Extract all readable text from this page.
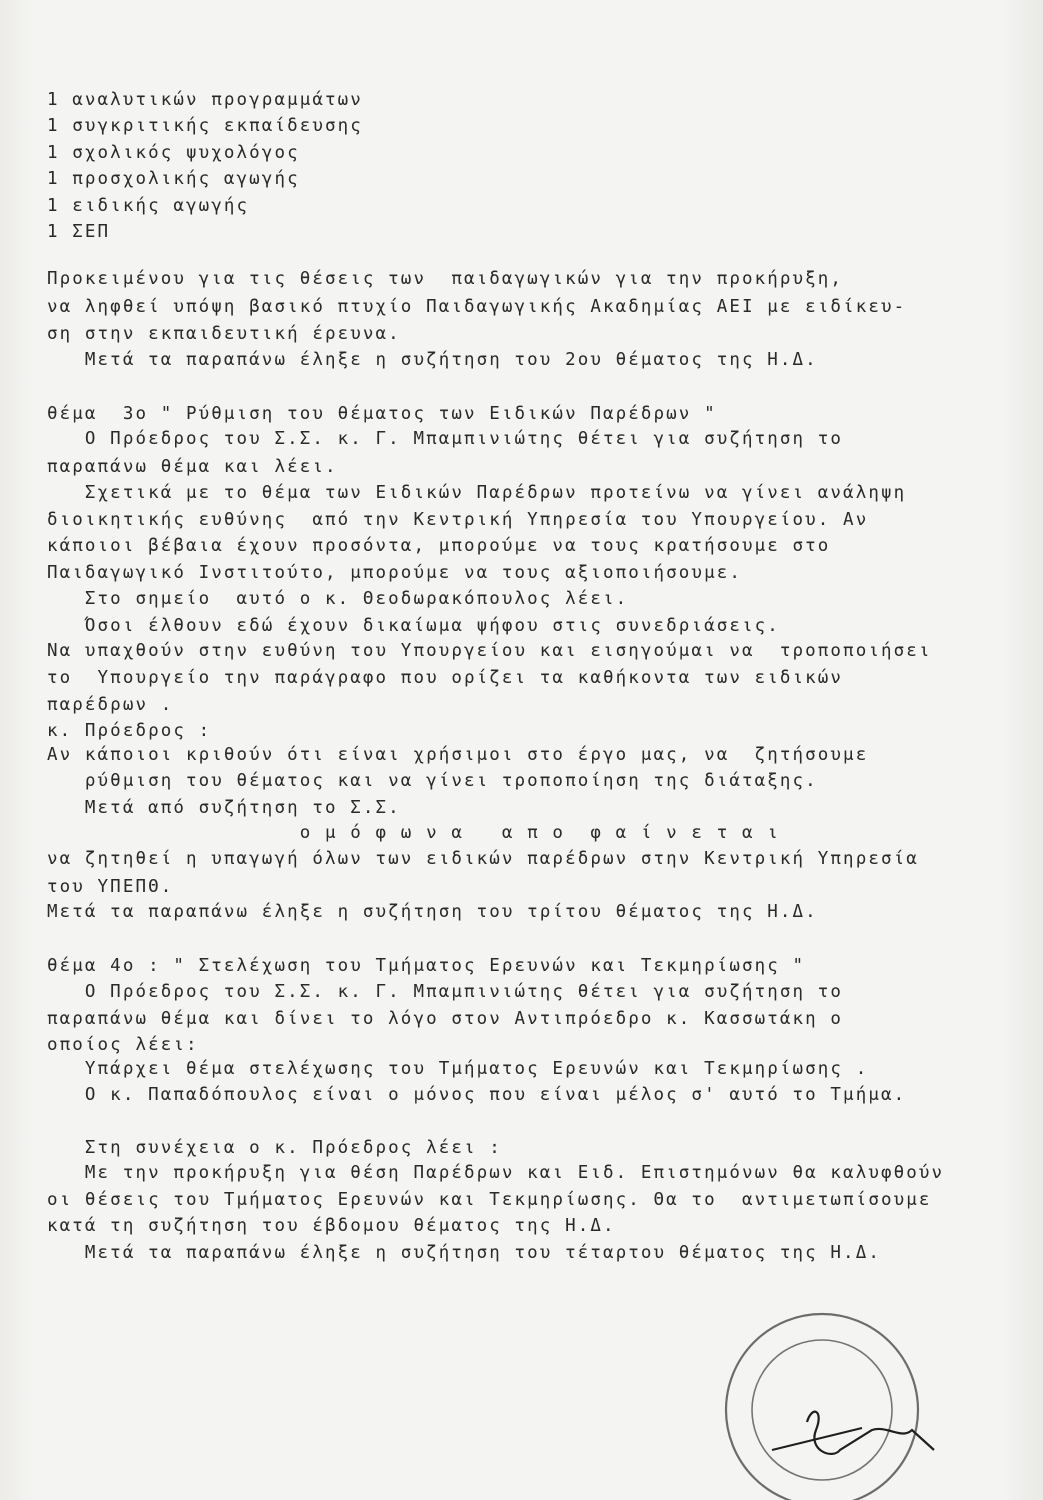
1 αναλυτικών προγραμμάτων

1 συγκριτικής εκπαίδευσης

1 σχολικός ψυχολόγος

1 προσχολικής αγωγής

1 ειδικής αγωγής

1 ΣΕΠ

Προκειμένου για τις θέσεις των  παιδαγωγικών για την προκήρυξη,

να ληφθεί υπόψη βασικό πτυχίο Παιδαγωγικής Ακαδημίας ΑΕΙ με ειδίκευ-

ση στην εκπαιδευτική έρευνα.

Μετά τα παραπάνω έληξε η συζήτηση του 2ου θέματος της Η.Δ.

θέμα  3ο " Ρύθμιση του θέματος των Ειδικών Παρέδρων "

Ο Πρόεδρος του Σ.Σ. κ. Γ. Μπαμπινιώτης θέτει για συζήτηση το

παραπάνω θέμα και λέει.

Σχετικά με το θέμα των Ειδικών Παρέδρων προτείνω να γίνει ανάληψη

διοικητικής ευθύνης  από την Κεντρική Υπηρεσία του Υπουργείου. Αν

κάποιοι βέβαια έχουν προσόντα, μπορούμε να τους κρατήσουμε στο

Παιδαγωγικό Ινστιτούτο, μπορούμε να τους αξιοποιήσουμε.

Στο σημείο  αυτό ο κ. Θεοδωρακόπουλος λέει.

Όσοι έλθουν εδώ έχουν δικαίωμα ψήφου στις συνεδριάσεις.

Να υπαχθούν στην ευθύνη του Υπουργείου και εισηγούμαι να  τροποποιήσει

το  Υπουργείο την παράγραφο που ορίζει τα καθήκοντα των ειδικών

παρέδρων .

κ. Πρόεδρος :

Αν κάποιοι κριθούν ότι είναι χρήσιμοι στο έργο μας, να  ζητήσουμε

ρύθμιση του θέματος και να γίνει τροποποίηση της διάταξης.

Μετά από συζήτηση το Σ.Σ.

ο μ ό φ ω ν α   α π ο  φ α ί ν ε τ α ι

να ζητηθεί η υπαγωγή όλων των ειδικών παρέδρων στην Κεντρική Υπηρεσία

του ΥΠΕΠΘ.

Μετά τα παραπάνω έληξε η συζήτηση του τρίτου θέματος της Η.Δ.

θέμα 4ο : " Στελέχωση του Τμήματος Ερευνών και Τεκμηρίωσης "

Ο Πρόεδρος του Σ.Σ. κ. Γ. Μπαμπινιώτης θέτει για συζήτηση το

παραπάνω θέμα και δίνει το λόγο στον Αντιπρόεδρο κ. Κασσωτάκη ο

οποίος λέει:

Υπάρχει θέμα στελέχωσης του Τμήματος Ερευνών και Τεκμηρίωσης .

Ο κ. Παπαδόπουλος είναι ο μόνος που είναι μέλος σ' αυτό το Τμήμα.

Στη συνέχεια ο κ. Πρόεδρος λέει :

Με την προκήρυξη για θέση Παρέδρων και Ειδ. Επιστημόνων θα καλυφθούν

οι θέσεις του Τμήματος Ερευνών και Τεκμηρίωσης. Θα το  αντιμετωπίσουμε

κατά τη συζήτηση του έβδομου θέματος της Η.Δ.

Μετά τα παραπάνω έληξε η συζήτηση του τέταρτου θέματος της Η.Δ.
